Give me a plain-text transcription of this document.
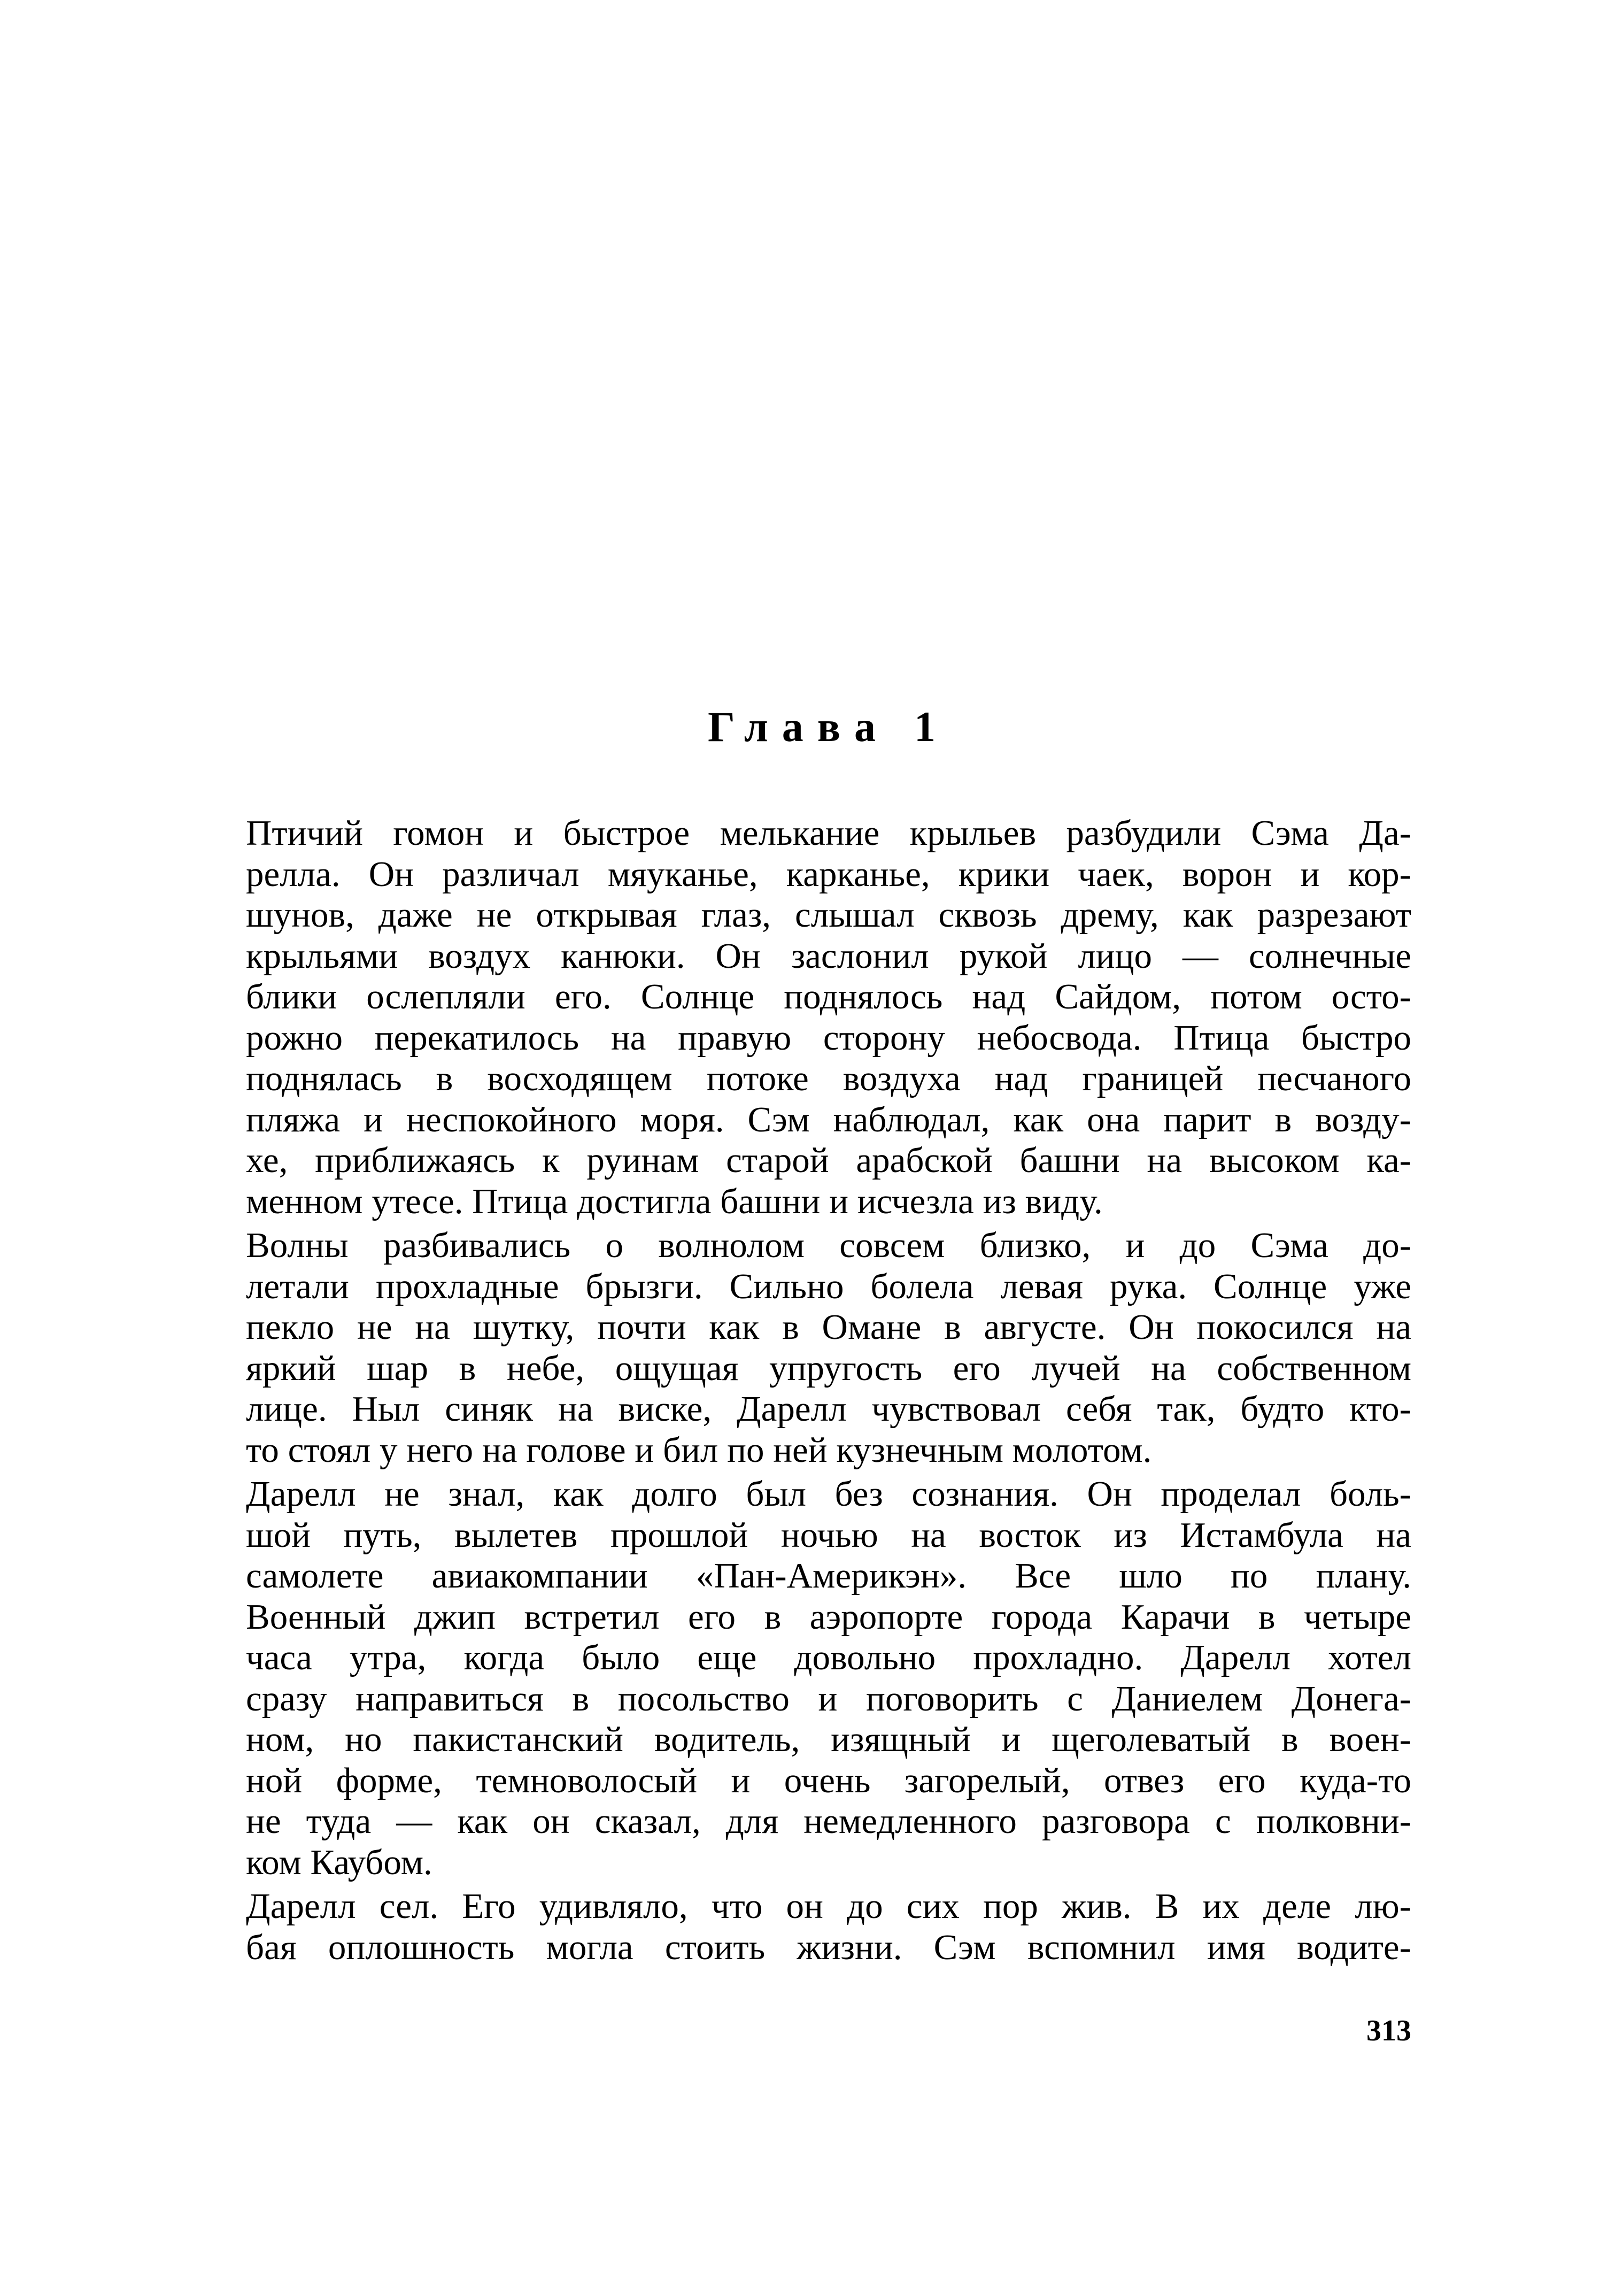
Глава 1
Птичий гомон и быстрое мелькание крыльев разбудили Сэма Да-
релла. Он различал мяуканье, карканье, крики чаек, ворон и кор-
шунов, даже не открывая глаз, слышал сквозь дрему, как разрезают
крыльями воздух канюки. Он заслонил рукой лицо — солнечные
блики ослепляли его. Солнце поднялось над Сайдом, потом осто-
рожно перекатилось на правую сторону небосвода. Птица быстро
поднялась в восходящем потоке воздуха над границей песчаного
пляжа и неспокойного моря. Сэм наблюдал, как она парит в возду-
хе, приближаясь к руинам старой арабской башни на высоком ка-
менном утесе. Птица достигла башни и исчезла из виду.
Волны разбивались о волнолом совсем близко, и до Сэма до-
летали прохладные брызги. Сильно болела левая рука. Солнце уже
пекло не на шутку, почти как в Омане в августе. Он покосился на
яркий шар в небе, ощущая упругость его лучей на собственном
лице. Ныл синяк на виске, Дарелл чувствовал себя так, будто кто-
то стоял у него на голове и бил по ней кузнечным молотом.
Дарелл не знал, как долго был без сознания. Он проделал боль-
шой путь, вылетев прошлой ночью на восток из Истамбула на
самолете авиакомпании «Пан-Америкэн». Все шло по плану.
Военный джип встретил его в аэропорте города Карачи в четыре
часа утра, когда было еще довольно прохладно. Дарелл хотел
сразу направиться в посольство и поговорить с Даниелем Донега-
ном, но пакистанский водитель, изящный и щеголеватый в воен-
ной форме, темноволосый и очень загорелый, отвез его куда-то
не туда — как он сказал, для немедленного разговора с полковни-
ком Каубом.
Дарелл сел. Его удивляло, что он до сих пор жив. В их деле лю-
бая оплошность могла стоить жизни. Сэм вспомнил имя водите-
313
